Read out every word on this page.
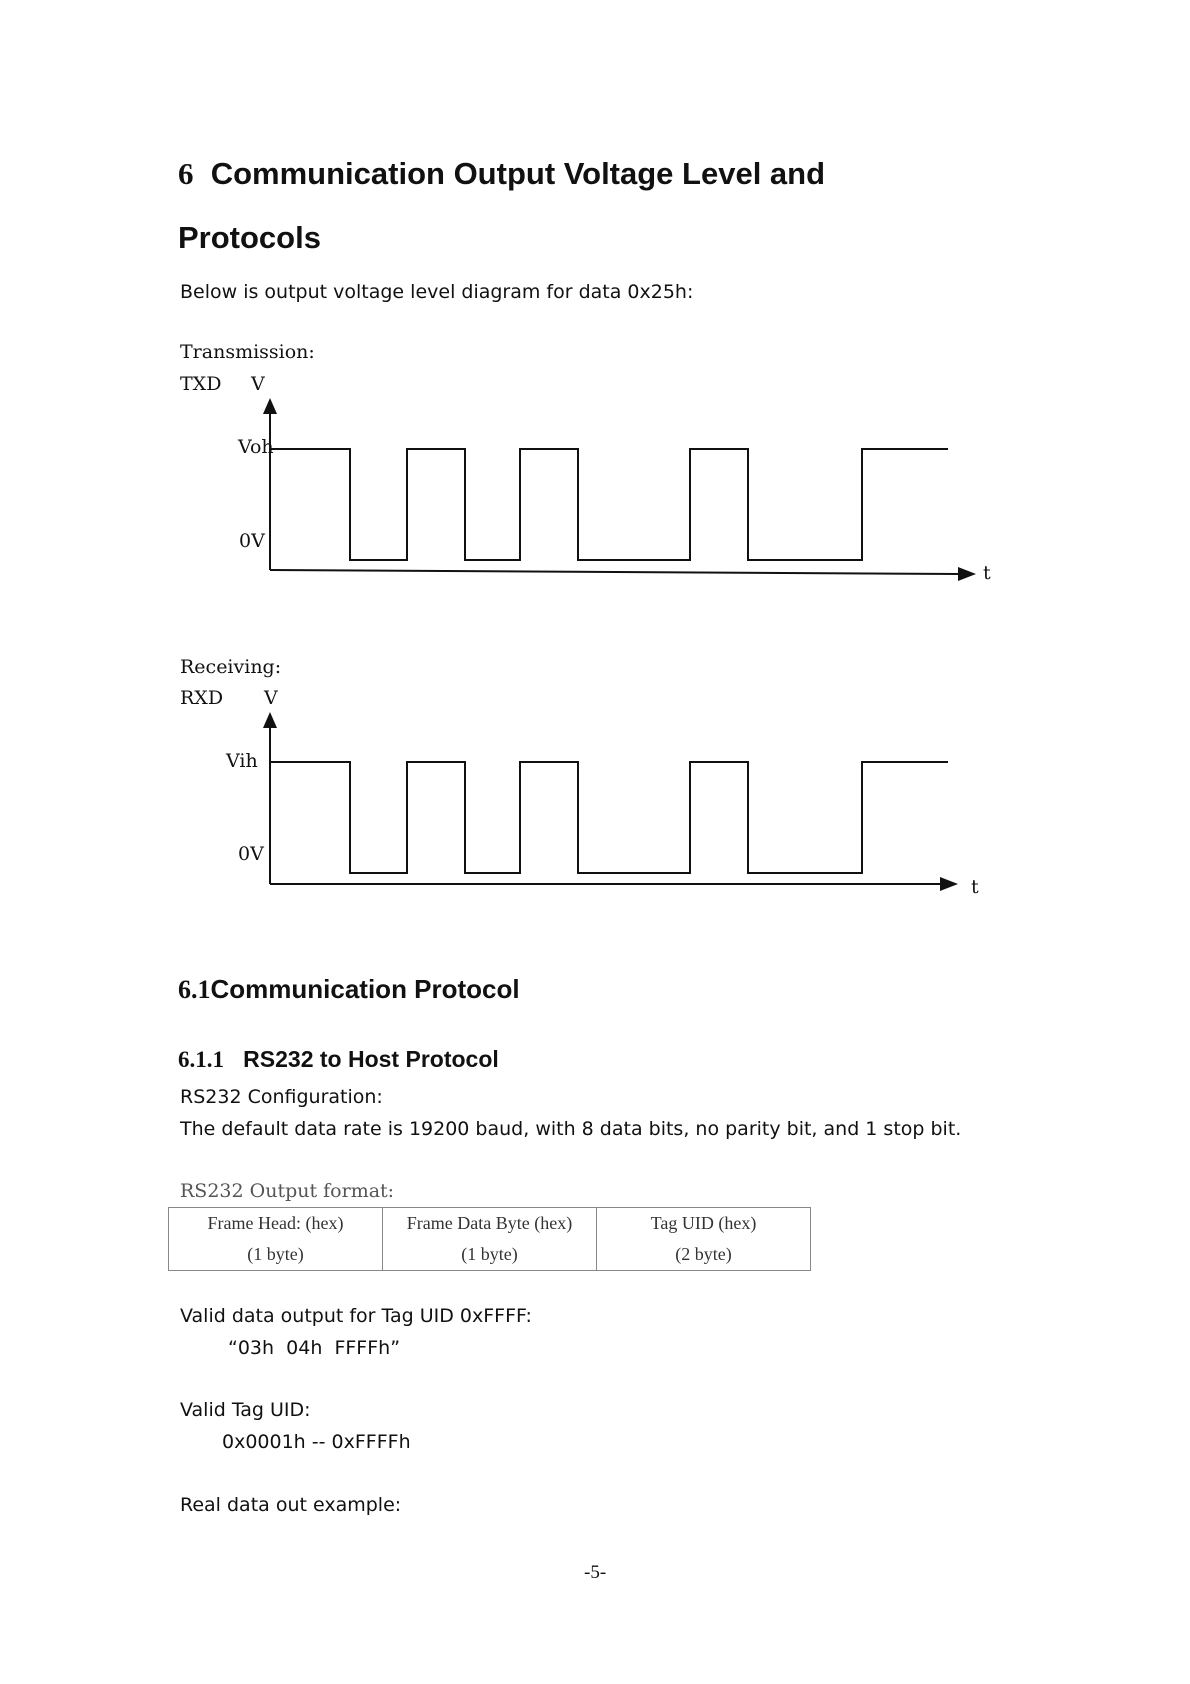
6 Communication Output Voltage Level and
Protocols
Below is output voltage level diagram for data 0x25h:
Transmission:
TXD V
Voh
0V
t
Receiving:
RXD V
Vih
0V
t
6.1Communication Protocol
6.1.1 RS232 to Host Protocol
RS232 Configuration:
The default data rate is 19200 baud, with 8 data bits, no parity bit, and 1 stop bit.
RS232 Output format:
Frame Head: (hex)
(1 byte)

Frame Data Byte (hex)
(1 byte)

Tag UID (hex)
(2 byte)
Valid data output for Tag UID 0xFFFF:
“03h  04h  FFFFh”
Valid Tag UID:
0x0001h -- 0xFFFFh
Real data out example:
-5-
